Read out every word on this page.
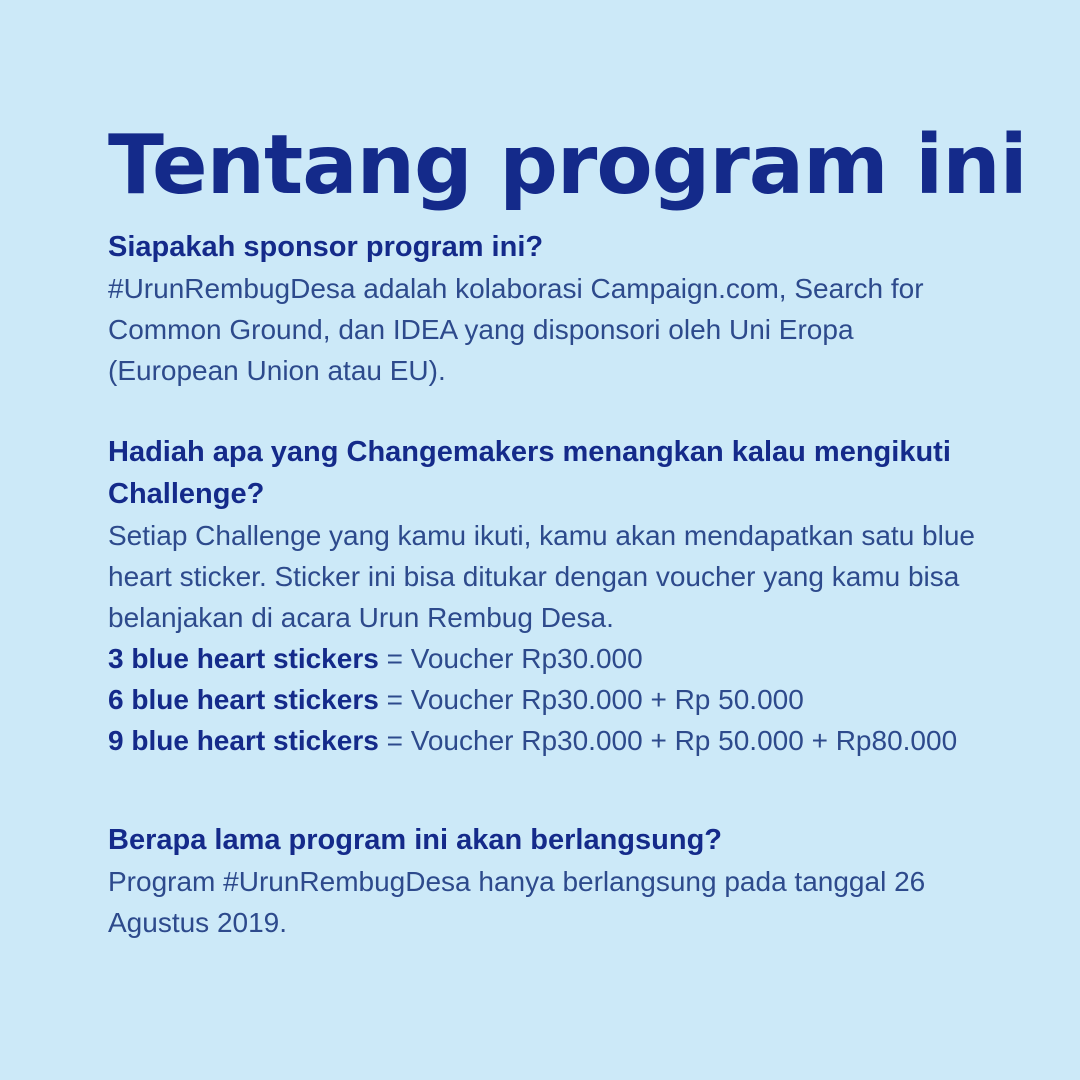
Tentang program ini

Siapakah sponsor program ini?

#UrunRembugDesa adalah kolaborasi Campaign.com, Search for Common Ground, dan IDEA yang disponsori oleh Uni Eropa (European Union atau EU).

Hadiah apa yang Changemakers menangkan kalau mengikuti Challenge?

Setiap Challenge yang kamu ikuti, kamu akan mendapatkan satu blue heart sticker. Sticker ini bisa ditukar dengan voucher yang kamu bisa belanjakan di acara Urun Rembug Desa.

3 blue heart stickers = Voucher Rp30.000

6 blue heart stickers = Voucher Rp30.000 + Rp 50.000

9 blue heart stickers = Voucher Rp30.000 + Rp 50.000 + Rp80.000

Berapa lama program ini akan berlangsung?

Program #UrunRembugDesa hanya berlangsung pada tanggal 26 Agustus 2019.
